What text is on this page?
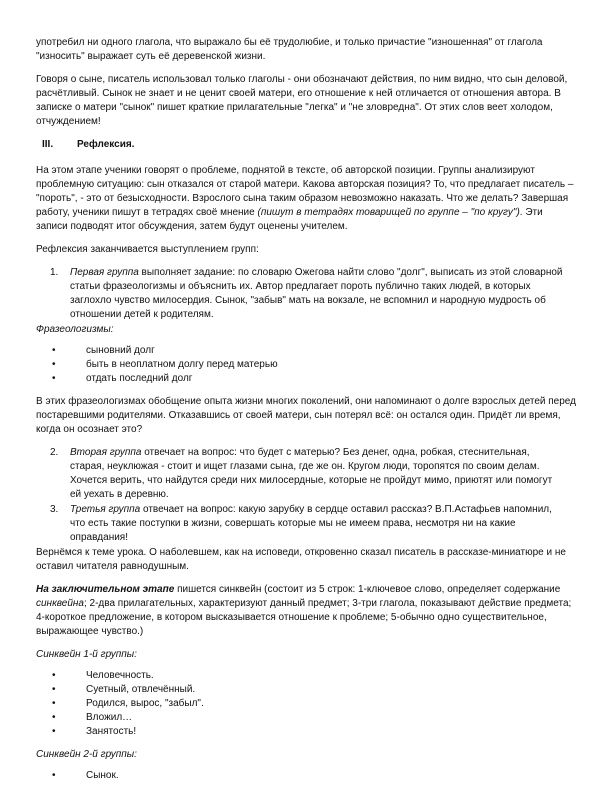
употребил ни одного глагола, что выражало бы её трудолюбие, и только причастие "изношенная" от глагола "износить" выражает суть её деревенской жизни.

Говоря о сыне, писатель использовал только глаголы - они обозначают действия, по ним видно, что сын деловой, расчётливый. Сынок не знает и не ценит своей матери, его отношение к ней отличается от отношения автора. В записке о матери "сынок" пишет краткие прилагательные "легка" и "не зловредна". От этих слов веет холодом, отчуждением!

III.	Рефлексия.

На этом этапе ученики говорят о проблеме, поднятой в тексте, об авторской позиции. Группы анализируют проблемную ситуацию: сын отказался от старой матери. Какова авторская позиция? То, что предлагает писатель – "пороть", - это от безысходности. Взрослого сына таким образом невозможно наказать. Что же делать? Завершая работу, ученики пишут в тетрадях своё мнение (пишут в тетрадях товарищей по группе – "по кругу"). Эти записи подводят итог обсуждения, затем будут оценены учителем.

Рефлексия заканчивается выступлением групп:

1.	Первая группа выполняет задание: по словарю Ожегова найти слово "долг", выписать из этой словарной статьи фразеологизмы и объяснить их. Автор предлагает пороть публично таких людей, в которых заглохло чувство милосердия. Сынок, "забыв" мать на вокзале, не вспомнил и народную мудрость об отношении детей к родителям.

Фразеологизмы:

•	сыновний долг
•	быть в неоплатном долгу перед матерью
•	отдать последний долг

В этих фразеологизмах обобщение опыта жизни многих поколений, они напоминают о долге взрослых детей перед постаревшими родителями. Отказавшись от своей матери, сын потерял всё: он остался один. Придёт ли время, когда он осознает это?

2.	Вторая группа отвечает на вопрос: что будет с матерью? Без денег, одна, робкая, стеснительная, старая, неуклюжая - стоит и ищет глазами сына, где же он. Кругом люди, торопятся по своим делам. Хочется верить, что найдутся среди них милосердные, которые не пройдут мимо, приютят или помогут ей уехать в деревню.
3.	Третья группа отвечает на вопрос: какую зарубку в сердце оставил рассказ? В.П.Астафьев напомнил, что есть такие поступки в жизни, совершать которые мы не имеем права, несмотря ни на какие оправдания!

Вернёмся к теме урока. О наболевшем, как на исповеди, откровенно сказал писатель в рассказе-миниатюре и не оставил читателя равнодушным.

На заключительном этапе пишется синквейн (состоит из 5 строк: 1-ключевое слово, определяет содержание синквейна; 2-два прилагательных, характеризуют данный предмет; 3-три глагола, показывают действие предмета; 4-короткое предложение, в котором высказывается отношение к проблеме; 5-обычно одно существительное, выражающее чувство.)

Синквейн 1-й группы:

•	Человечность.
•	Суетный, отвлечённый.
•	Родился, вырос, "забыл".
•	Вложил…
•	Занятость!

Синквейн 2-й группы:

•	Сынок.
